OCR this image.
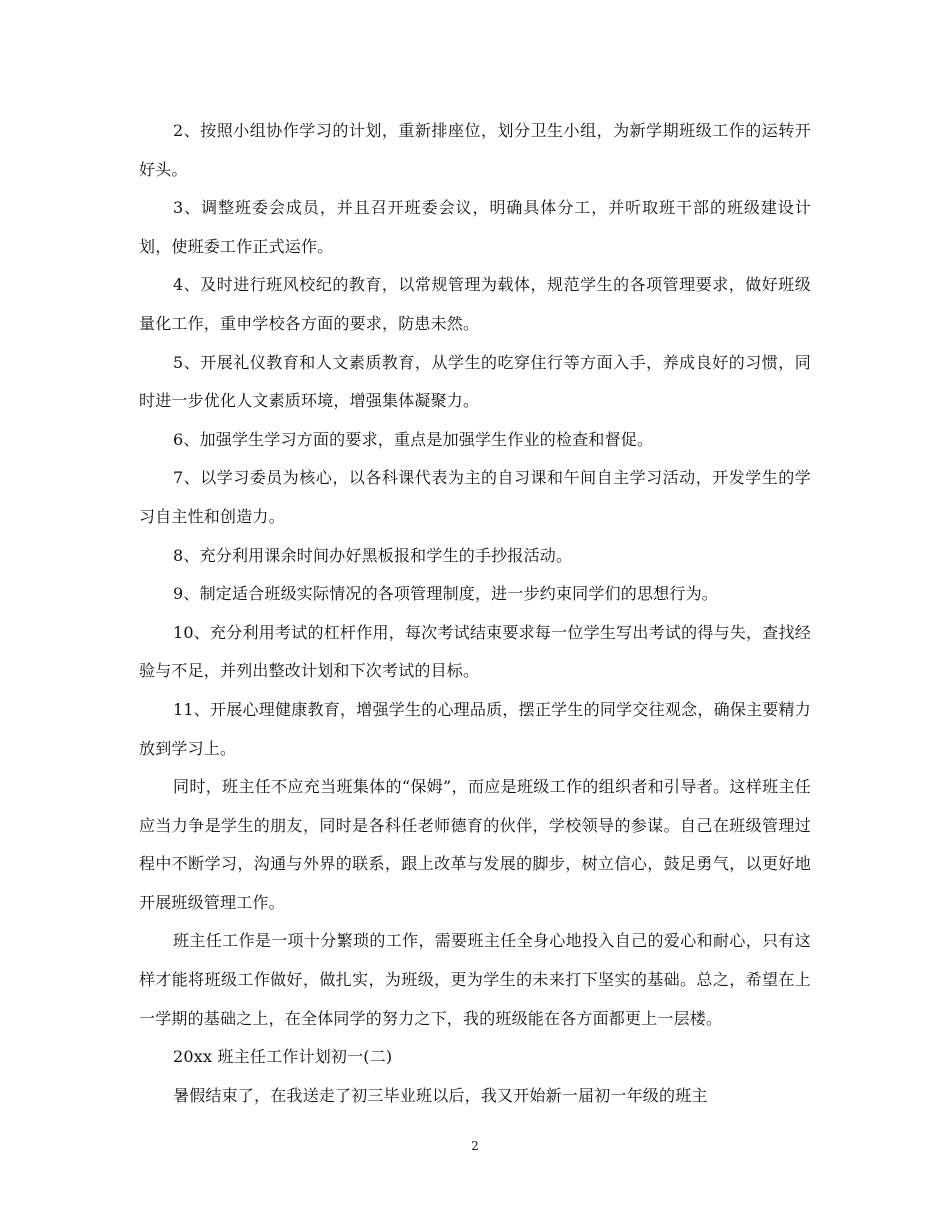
2、按照小组协作学习的计划，重新排座位，划分卫生小组，为新学期班级工作的运转开好头。

3、调整班委会成员，并且召开班委会议，明确具体分工，并听取班干部的班级建设计划，使班委工作正式运作。

4、及时进行班风校纪的教育，以常规管理为载体，规范学生的各项管理要求，做好班级量化工作，重申学校各方面的要求，防患未然。

5、开展礼仪教育和人文素质教育，从学生的吃穿住行等方面入手，养成良好的习惯，同时进一步优化人文素质环境，增强集体凝聚力。

6、加强学生学习方面的要求，重点是加强学生作业的检查和督促。

7、以学习委员为核心，以各科课代表为主的自习课和午间自主学习活动，开发学生的学习自主性和创造力。

8、充分利用课余时间办好黑板报和学生的手抄报活动。

9、制定适合班级实际情况的各项管理制度，进一步约束同学们的思想行为。

10、充分利用考试的杠杆作用，每次考试结束要求每一位学生写出考试的得与失，查找经验与不足，并列出整改计划和下次考试的目标。

11、开展心理健康教育，增强学生的心理品质，摆正学生的同学交往观念，确保主要精力放到学习上。

同时，班主任不应充当班集体的“保姆”，而应是班级工作的组织者和引导者。这样班主任应当力争是学生的朋友，同时是各科任老师德育的伙伴，学校领导的参谋。自己在班级管理过程中不断学习，沟通与外界的联系，跟上改革与发展的脚步，树立信心，鼓足勇气，以更好地开展班级管理工作。

班主任工作是一项十分繁琐的工作，需要班主任全身心地投入自己的爱心和耐心，只有这样才能将班级工作做好，做扎实，为班级，更为学生的未来打下坚实的基础。总之，希望在上一学期的基础之上，在全体同学的努力之下，我的班级能在各方面都更上一层楼。

20xx 班主任工作计划初一(二)

暑假结束了，在我送走了初三毕业班以后，我又开始新一届初一年级的班主

2
